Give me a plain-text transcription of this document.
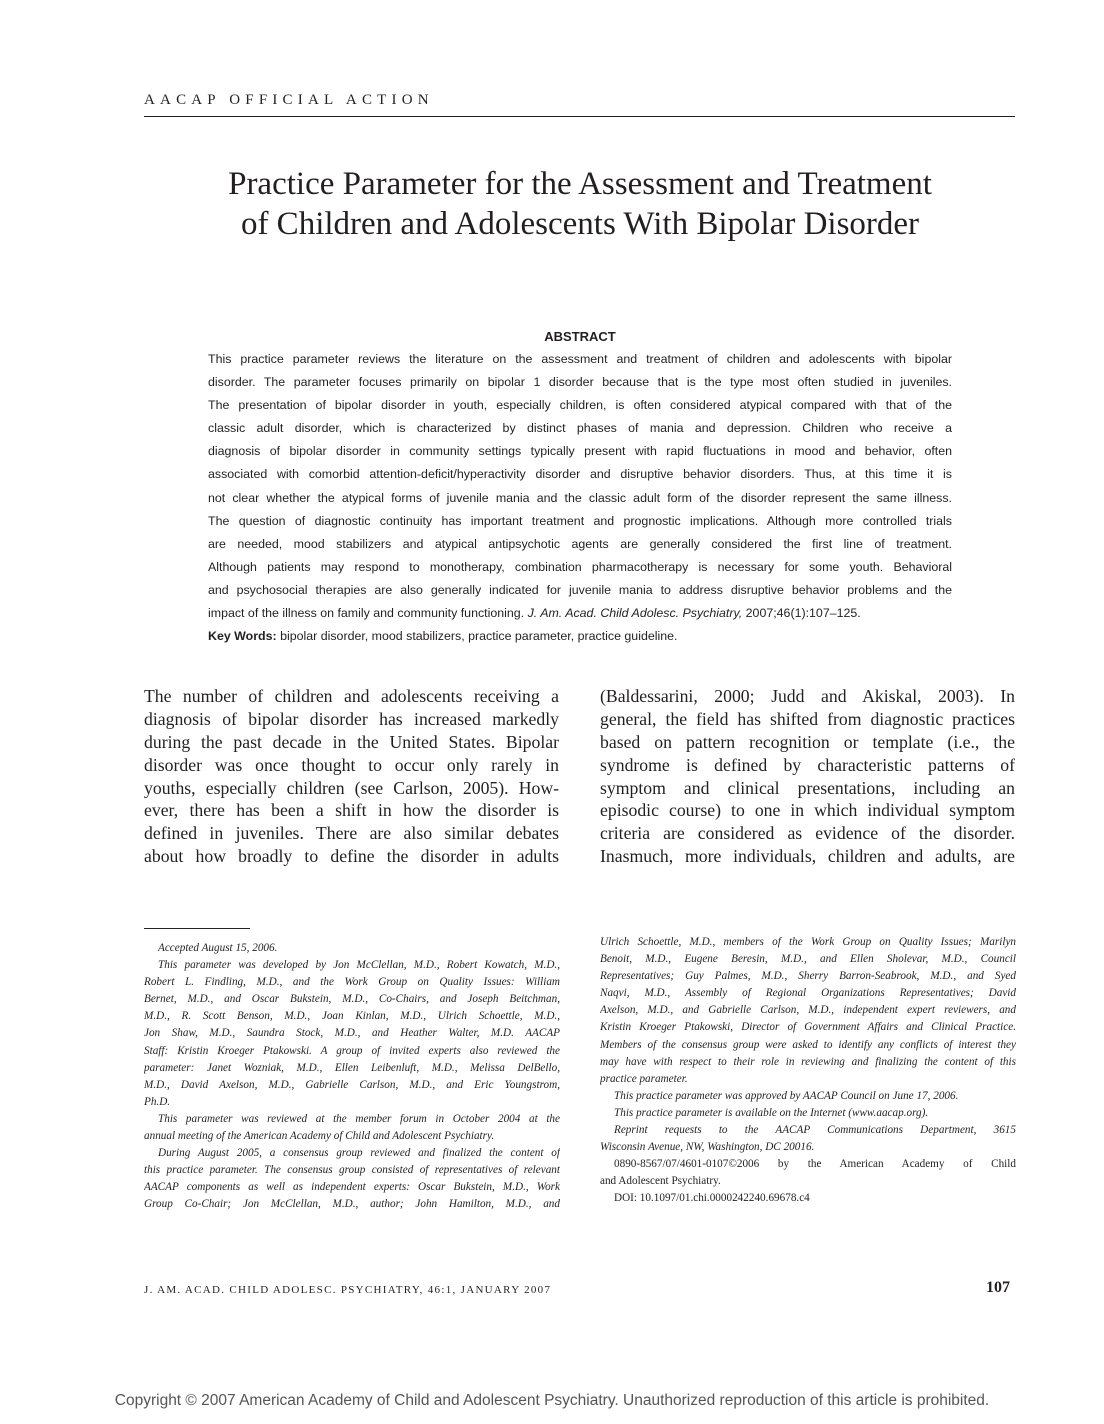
AACAP OFFICIAL ACTION
Practice Parameter for the Assessment and Treatment
of Children and Adolescents With Bipolar Disorder
ABSTRACT
This practice parameter reviews the literature on the assessment and treatment of children and adolescents with bipolar
disorder. The parameter focuses primarily on bipolar 1 disorder because that is the type most often studied in juveniles.
The presentation of bipolar disorder in youth, especially children, is often considered atypical compared with that of the
classic adult disorder, which is characterized by distinct phases of mania and depression. Children who receive a
diagnosis of bipolar disorder in community settings typically present with rapid fluctuations in mood and behavior, often
associated with comorbid attention-deficit/hyperactivity disorder and disruptive behavior disorders. Thus, at this time it is
not clear whether the atypical forms of juvenile mania and the classic adult form of the disorder represent the same illness.
The question of diagnostic continuity has important treatment and prognostic implications. Although more controlled trials
are needed, mood stabilizers and atypical antipsychotic agents are generally considered the first line of treatment.
Although patients may respond to monotherapy, combination pharmacotherapy is necessary for some youth. Behavioral
and psychosocial therapies are also generally indicated for juvenile mania to address disruptive behavior problems and the
impact of the illness on family and community functioning. J. Am. Acad. Child Adolesc. Psychiatry, 2007;46(1):107–125.
Key Words: bipolar disorder, mood stabilizers, practice parameter, practice guideline.
The number of children and adolescents receiving a
diagnosis of bipolar disorder has increased markedly
during the past decade in the United States. Bipolar
disorder was once thought to occur only rarely in
youths, especially children (see Carlson, 2005). How-
ever, there has been a shift in how the disorder is
defined in juveniles. There are also similar debates
about how broadly to define the disorder in adults
(Baldessarini, 2000; Judd and Akiskal, 2003). In
general, the field has shifted from diagnostic practices
based on pattern recognition or template (i.e., the
syndrome is defined by characteristic patterns of
symptom and clinical presentations, including an
episodic course) to one in which individual symptom
criteria are considered as evidence of the disorder.
Inasmuch, more individuals, children and adults, are
Accepted August 15, 2006.
This parameter was developed by Jon McClellan, M.D., Robert Kowatch, M.D.,
Robert L. Findling, M.D., and the Work Group on Quality Issues: William
Bernet, M.D., and Oscar Bukstein, M.D., Co-Chairs, and Joseph Beitchman,
M.D., R. Scott Benson, M.D., Joan Kinlan, M.D., Ulrich Schoettle, M.D.,
Jon Shaw, M.D., Saundra Stock, M.D., and Heather Walter, M.D. AACAP
Staff: Kristin Kroeger Ptakowski. A group of invited experts also reviewed the
parameter: Janet Wozniak, M.D., Ellen Leibenluft, M.D., Melissa DelBello,
M.D., David Axelson, M.D., Gabrielle Carlson, M.D., and Eric Youngstrom,
Ph.D.
This parameter was reviewed at the member forum in October 2004 at the
annual meeting of the American Academy of Child and Adolescent Psychiatry.
During August 2005, a consensus group reviewed and finalized the content of
this practice parameter. The consensus group consisted of representatives of relevant
AACAP components as well as independent experts: Oscar Bukstein, M.D., Work
Group Co-Chair; Jon McClellan, M.D., author; John Hamilton, M.D., and
Ulrich Schoettle, M.D., members of the Work Group on Quality Issues; Marilyn
Benoit, M.D., Eugene Beresin, M.D., and Ellen Sholevar, M.D., Council
Representatives; Guy Palmes, M.D., Sherry Barron-Seabrook, M.D., and Syed
Naqvi, M.D., Assembly of Regional Organizations Representatives; David
Axelson, M.D., and Gabrielle Carlson, M.D., independent expert reviewers, and
Kristin Kroeger Ptakowski, Director of Government Affairs and Clinical Practice.
Members of the consensus group were asked to identify any conflicts of interest they
may have with respect to their role in reviewing and finalizing the content of this
practice parameter.
This practice parameter was approved by AACAP Council on June 17, 2006.
This practice parameter is available on the Internet (www.aacap.org).
Reprint requests to the AACAP Communications Department, 3615
Wisconsin Avenue, NW, Washington, DC 20016.
0890-8567/07/4601-0107©2006 by the American Academy of Child
and Adolescent Psychiatry.
DOI: 10.1097/01.chi.0000242240.69678.c4
J. AM. ACAD. CHILD ADOLESC. PSYCHIATRY, 46:1, JANUARY 2007	107
Copyright © 2007 American Academy of Child and Adolescent Psychiatry. Unauthorized reproduction of this article is prohibited.
